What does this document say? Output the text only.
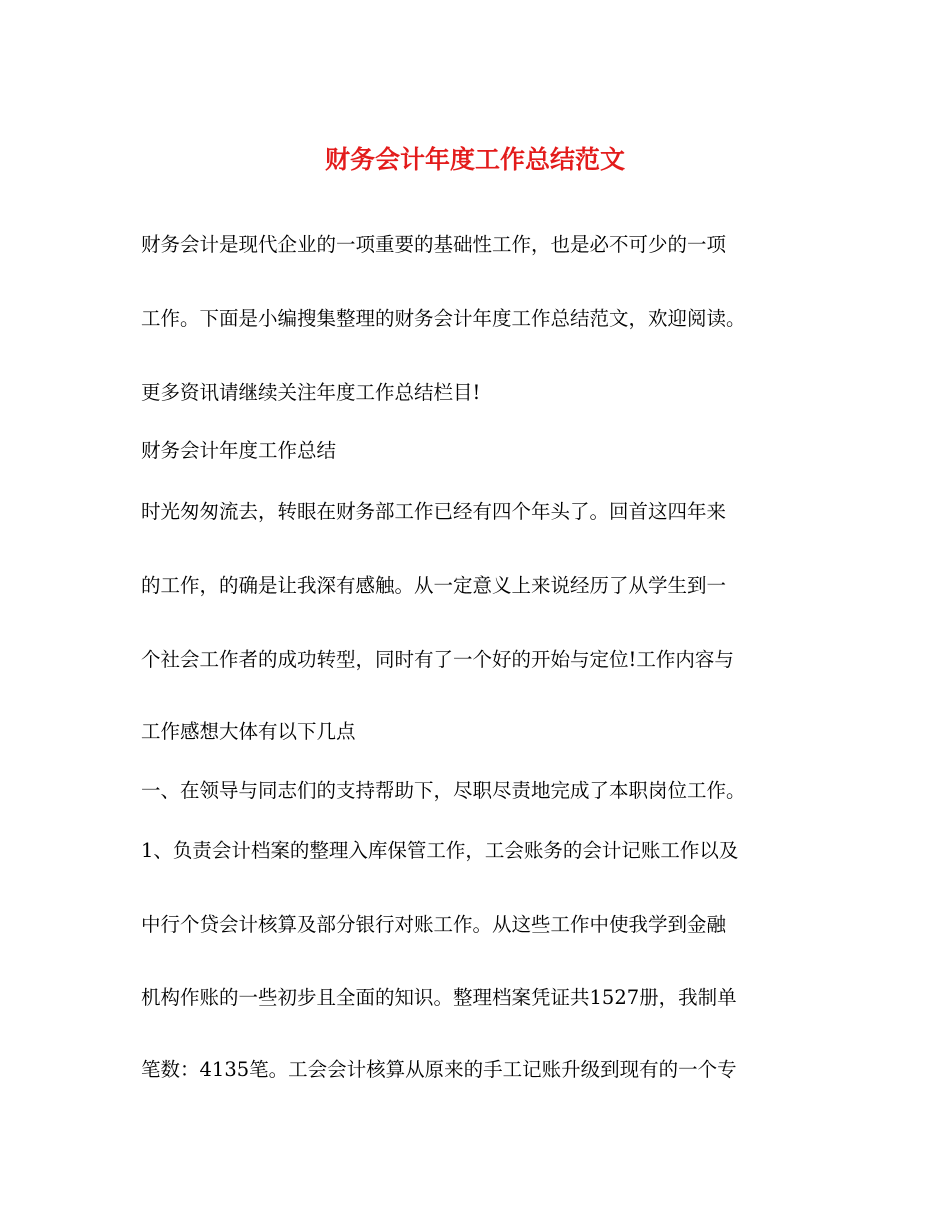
财务会计年度工作总结范文
财务会计是现代企业的一项重要的基础性工作，也是必不可少的一项
工作。下面是小编搜集整理的财务会计年度工作总结范文，欢迎阅读。
更多资讯请继续关注年度工作总结栏目!
财务会计年度工作总结
时光匆匆流去，转眼在财务部工作已经有四个年头了。回首这四年来
的工作，的确是让我深有感触。从一定意义上来说经历了从学生到一
个社会工作者的成功转型，同时有了一个好的开始与定位!工作内容与
工作感想大体有以下几点
一、在领导与同志们的支持帮助下，尽职尽责地完成了本职岗位工作。
1、负责会计档案的整理入库保管工作，工会账务的会计记账工作以及
中行个贷会计核算及部分银行对账工作。从这些工作中使我学到金融
机构作账的一些初步且全面的知识。整理档案凭证共1527册，我制单
笔数：4135笔。工会会计核算从原来的手工记账升级到现有的一个专
